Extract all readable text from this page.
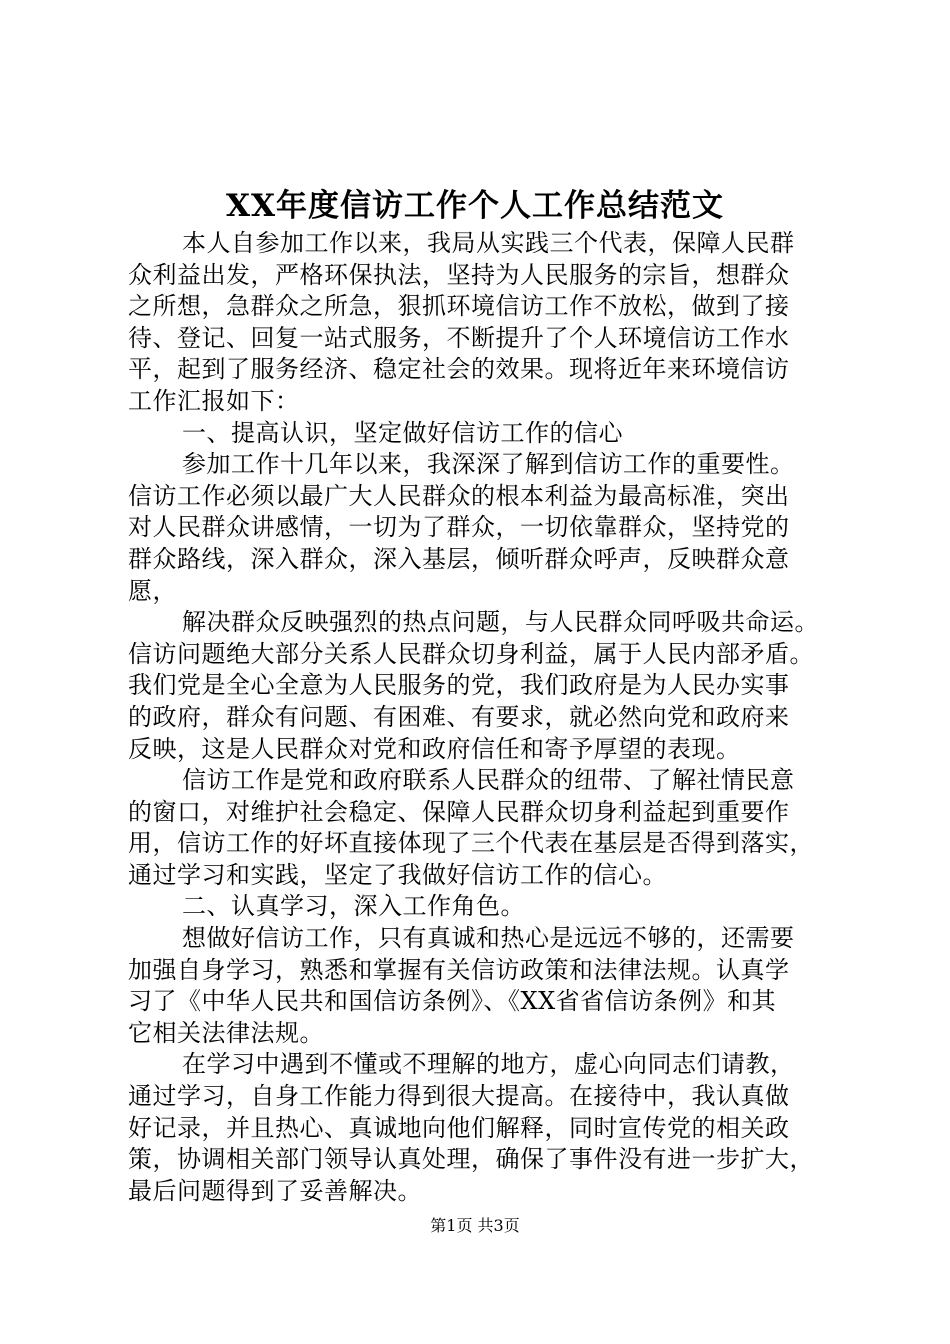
XX年度信访工作个人工作总结范文
本人自参加工作以来，我局从实践三个代表，保障人民群
众利益出发，严格环保执法，坚持为人民服务的宗旨，想群众
之所想，急群众之所急，狠抓环境信访工作不放松，做到了接
待、登记、回复一站式服务，不断提升了个人环境信访工作水
平，起到了服务经济、稳定社会的效果。现将近年来环境信访
工作汇报如下：
一、提高认识，坚定做好信访工作的信心
参加工作十几年以来，我深深了解到信访工作的重要性。
信访工作必须以最广大人民群众的根本利益为最高标准，突出
对人民群众讲感情，一切为了群众，一切依靠群众，坚持党的
群众路线，深入群众，深入基层，倾听群众呼声，反映群众意
愿，
解决群众反映强烈的热点问题，与人民群众同呼吸共命运。
信访问题绝大部分关系人民群众切身利益，属于人民内部矛盾。
我们党是全心全意为人民服务的党，我们政府是为人民办实事
的政府，群众有问题、有困难、有要求，就必然向党和政府来
反映，这是人民群众对党和政府信任和寄予厚望的表现。
信访工作是党和政府联系人民群众的纽带、了解社情民意
的窗口，对维护社会稳定、保障人民群众切身利益起到重要作
用，信访工作的好坏直接体现了三个代表在基层是否得到落实，
通过学习和实践，坚定了我做好信访工作的信心。
二、认真学习，深入工作角色。
想做好信访工作，只有真诚和热心是远远不够的，还需要
加强自身学习，熟悉和掌握有关信访政策和法律法规。认真学
习了《中华人民共和国信访条例》、《XX省省信访条例》和其
它相关法律法规。
在学习中遇到不懂或不理解的地方，虚心向同志们请教，
通过学习，自身工作能力得到很大提高。在接待中，我认真做
好记录，并且热心、真诚地向他们解释，同时宣传党的相关政
策，协调相关部门领导认真处理，确保了事件没有进一步扩大，
最后问题得到了妥善解决。
第1页 共3页
